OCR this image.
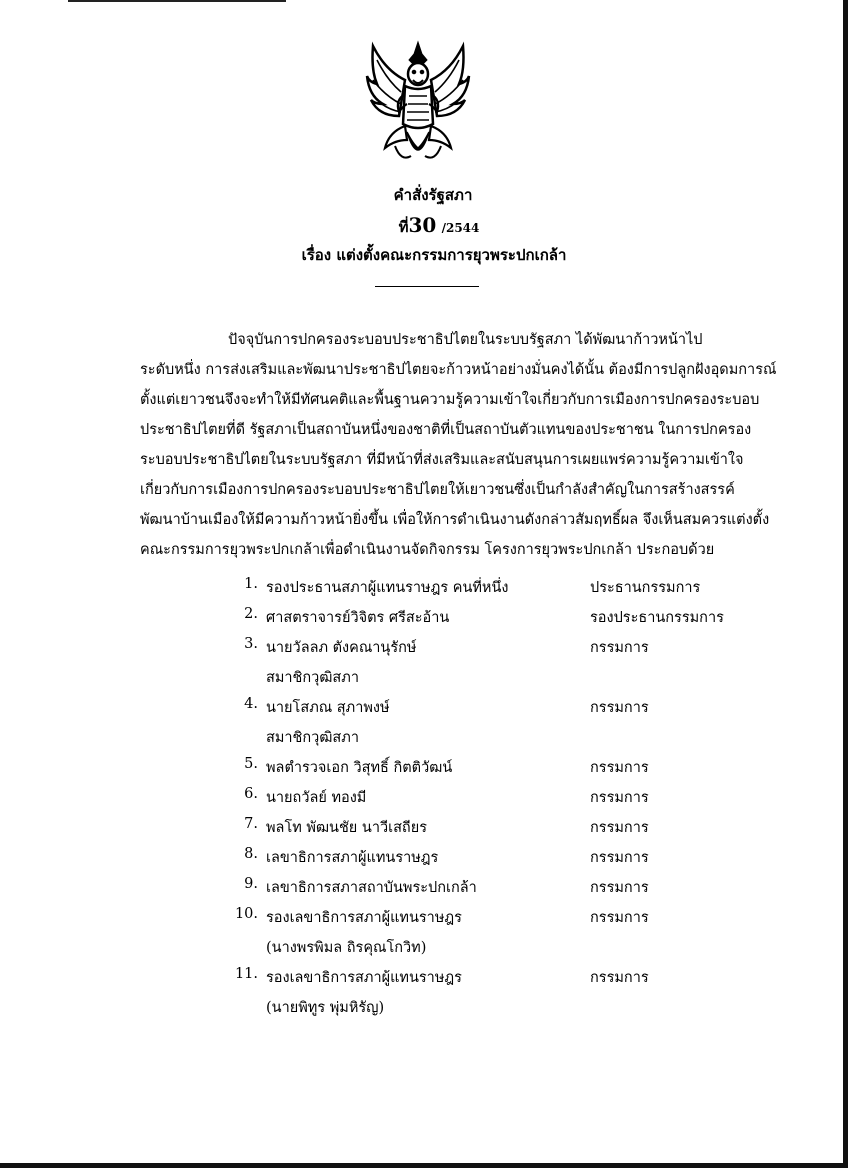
คำสั่งรัฐสภา
ที่30 /2544
เรื่อง แต่งตั้งคณะกรรมการยุวพระปกเกล้า
ปัจจุบันการปกครองระบอบประชาธิปไตยในระบบรัฐสภา ได้พัฒนาก้าวหน้าไป
ระดับหนึ่ง การส่งเสริมและพัฒนาประชาธิปไตยจะก้าวหน้าอย่างมั่นคงได้นั้น ต้องมีการปลูกฝังอุดมการณ์
ตั้งแต่เยาวชนจึงจะทำให้มีทัศนคติและพื้นฐานความรู้ความเข้าใจเกี่ยวกับการเมืองการปกครองระบอบ
ประชาธิปไตยที่ดี รัฐสภาเป็นสถาบันหนึ่งของชาติที่เป็นสถาบันตัวแทนของประชาชน ในการปกครอง
ระบอบประชาธิปไตยในระบบรัฐสภา ที่มีหน้าที่ส่งเสริมและสนับสนุนการเผยแพร่ความรู้ความเข้าใจ
เกี่ยวกับการเมืองการปกครองระบอบประชาธิปไตยให้เยาวชนซึ่งเป็นกำลังสำคัญในการสร้างสรรค์
พัฒนาบ้านเมืองให้มีความก้าวหน้ายิ่งขึ้น เพื่อให้การดำเนินงานดังกล่าวสัมฤทธิ์ผล จึงเห็นสมควรแต่งตั้ง
คณะกรรมการยุวพระปกเกล้าเพื่อดำเนินงานจัดกิจกรรม โครงการยุวพระปกเกล้า ประกอบด้วย
1. รองประธานสภาผู้แทนราษฎร คนที่หนึ่ง	ประธานกรรมการ
2. ศาสตราจารย์วิจิตร ศรีสะอ้าน	รองประธานกรรมการ
3. นายวัลลภ ตังคณานุรักษ์	กรรมการ
สมาชิกวุฒิสภา
4. นายโสภณ สุภาพงษ์	กรรมการ
สมาชิกวุฒิสภา
5. พลตำรวจเอก วิสุทธิ์ กิตติวัฒน์	กรรมการ
6. นายถวัลย์ ทองมี	กรรมการ
7. พลโท พัฒนชัย นาวีเสถียร	กรรมการ
8. เลขาธิการสภาผู้แทนราษฎร	กรรมการ
9. เลขาธิการสภาสถาบันพระปกเกล้า	กรรมการ
10. รองเลขาธิการสภาผู้แทนราษฎร	กรรมการ
(นางพรพิมล ถิรคุณโกวิท)
11. รองเลขาธิการสภาผู้แทนราษฎร	กรรมการ
(นายพิทูร พุ่มหิรัญ)
